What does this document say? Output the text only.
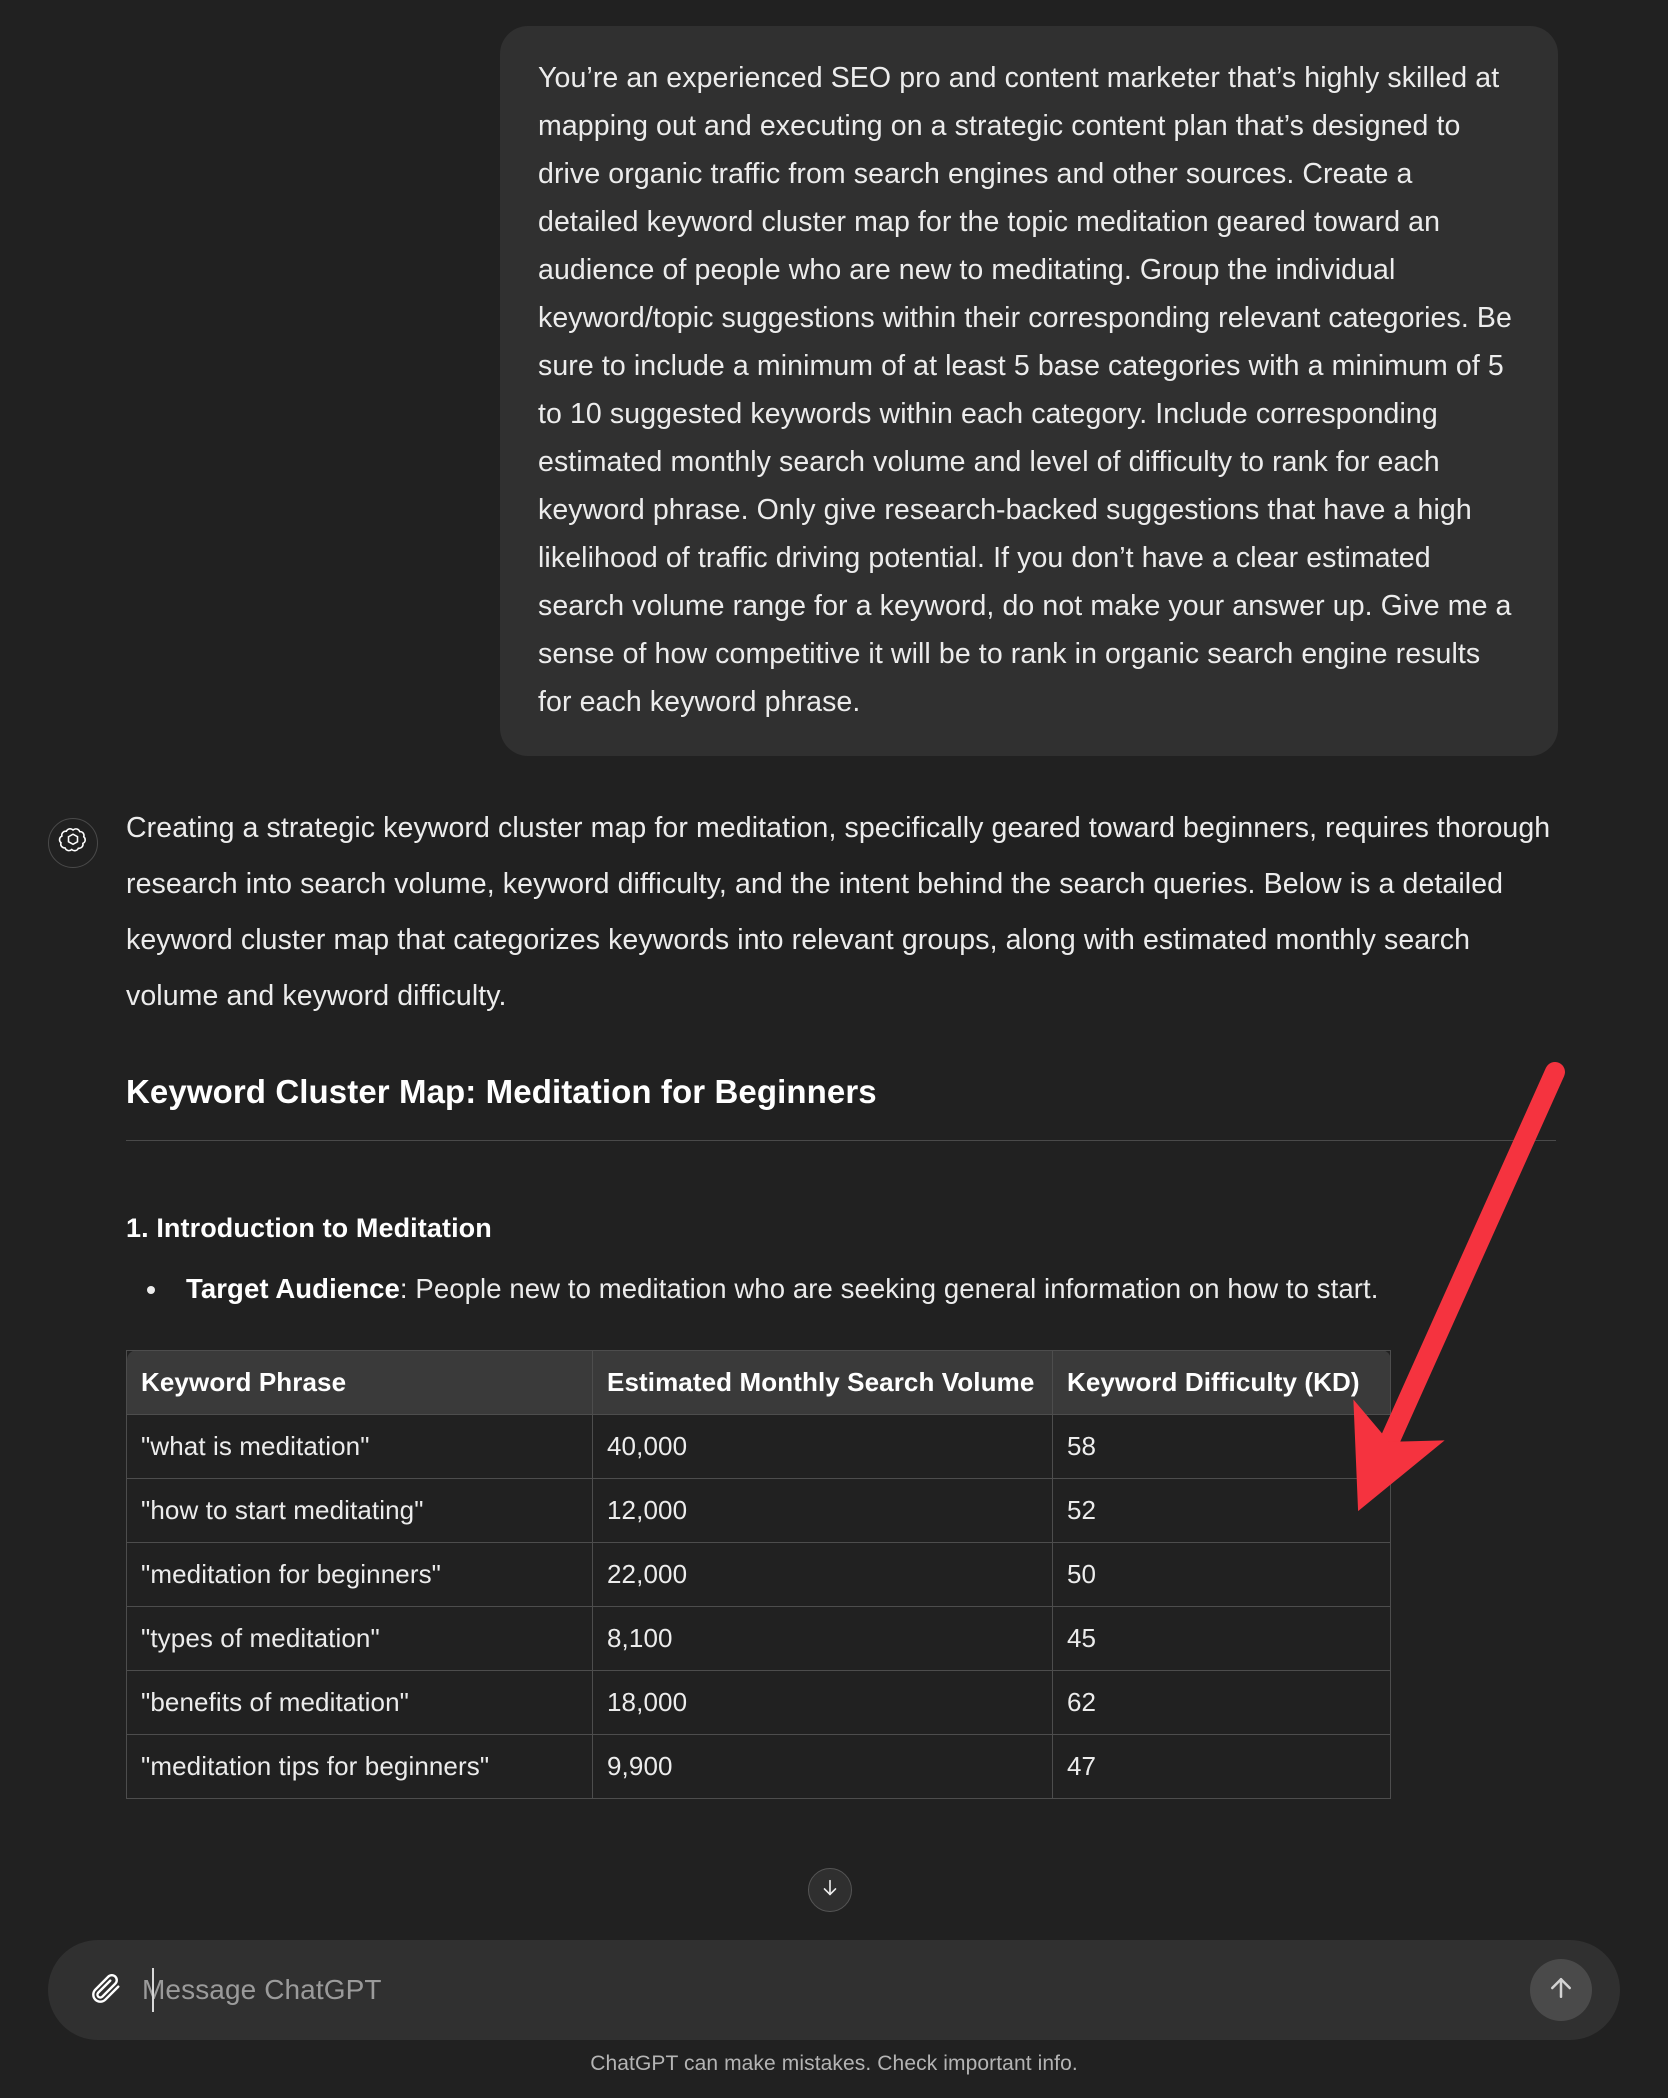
You’re an experienced SEO pro and content marketer that’s highly skilled at mapping out and executing on a strategic content plan that’s designed to drive organic traffic from search engines and other sources. Create a detailed keyword cluster map for the topic meditation geared toward an audience of people who are new to meditating. Group the individual keyword/topic suggestions within their corresponding relevant categories. Be sure to include a minimum of at least 5 base categories with a minimum of 5 to 10 suggested keywords within each category. Include corresponding estimated monthly search volume and level of difficulty to rank for each keyword phrase. Only give research-backed suggestions that have a high likelihood of traffic driving potential. If you don’t have a clear estimated search volume range for a keyword, do not make your answer up. Give me a sense of how competitive it will be to rank in organic search engine results for each keyword phrase.

Creating a strategic keyword cluster map for meditation, specifically geared toward beginners, requires thorough research into search volume, keyword difficulty, and the intent behind the search queries. Below is a detailed keyword cluster map that categorizes keywords into relevant groups, along with estimated monthly search volume and keyword difficulty.

Keyword Cluster Map: Meditation for Beginners
1. Introduction to Meditation
• Target Audience: People new to meditation who are seeking general information on how to start.
Keyword Phrase	Estimated Monthly Search Volume	Keyword Difficulty (KD)
"what is meditation"	40,000	58
"how to start meditating"	12,000	52
"meditation for beginners"	22,000	50
"types of meditation"	8,100	45
"benefits of meditation"	18,000	62
"meditation tips for beginners"	9,900	47
Message ChatGPT
ChatGPT can make mistakes. Check important info.
